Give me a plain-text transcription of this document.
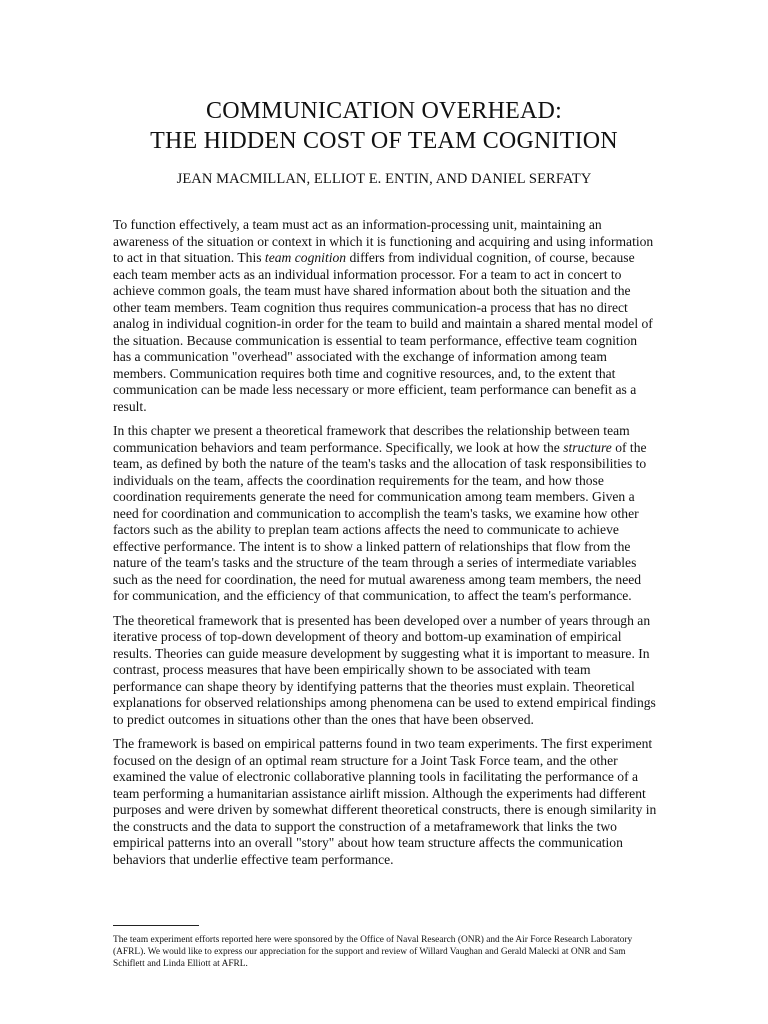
COMMUNICATION OVERHEAD:
THE HIDDEN COST OF TEAM COGNITION
JEAN MACMILLAN, ELLIOT E. ENTIN, AND DANIEL SERFATY

To function effectively, a team must act as an information-processing unit, maintaining an awareness of the situation or context in which it is functioning and acquiring and using information to act in that situation. This team cognition differs from individual cognition, of course, because each team member acts as an individual information processor. For a team to act in concert to achieve common goals, the team must have shared information about both the situation and the other team members. Team cognition thus requires communication-a process that has no direct analog in individual cognition-in order for the team to build and maintain a shared mental model of the situation. Because communication is essential to team performance, effective team cognition has a communication "overhead" associated with the exchange of information among team members. Communication requires both time and cognitive resources, and, to the extent that communication can be made less necessary or more efficient, team performance can benefit as a result.

In this chapter we present a theoretical framework that describes the relationship between team communication behaviors and team performance. Specifically, we look at how the structure of the team, as defined by both the nature of the team's tasks and the allocation of task responsibilities to individuals on the team, affects the coordination requirements for the team, and how those coordination requirements generate the need for communication among team members. Given a need for coordination and communication to accomplish the team's tasks, we examine how other factors such as the ability to preplan team actions affects the need to communicate to achieve effective performance. The intent is to show a linked pattern of relationships that flow from the nature of the team's tasks and the structure of the team through a series of intermediate variables such as the need for coordination, the need for mutual awareness among team members, the need for communication, and the efficiency of that communication, to affect the team's performance.

The theoretical framework that is presented has been developed over a number of years through an iterative process of top-down development of theory and bottom-up examination of empirical results. Theories can guide measure development by suggesting what it is important to measure. In contrast, process measures that have been empirically shown to be associated with team performance can shape theory by identifying patterns that the theories must explain. Theoretical explanations for observed relationships among phenomena can be used to extend empirical findings to predict outcomes in situations other than the ones that have been observed.

The framework is based on empirical patterns found in two team experiments. The first experiment focused on the design of an optimal ream structure for a Joint Task Force team, and the other examined the value of electronic collaborative planning tools in facilitating the performance of a team performing a humanitarian assistance airlift mission. Although the experiments had different purposes and were driven by somewhat different theoretical constructs, there is enough similarity in the constructs and the data to support the construction of a metaframework that links the two empirical patterns into an overall "story" about how team structure affects the communication behaviors that underlie effective team performance.

The team experiment efforts reported here were sponsored by the Office of Naval Research (ONR) and the Air Force Research Laboratory (AFRL). We would like to express our appreciation for the support and review of Willard Vaughan and Gerald Malecki at ONR and Sam Schiflett and Linda Elliott at AFRL.
